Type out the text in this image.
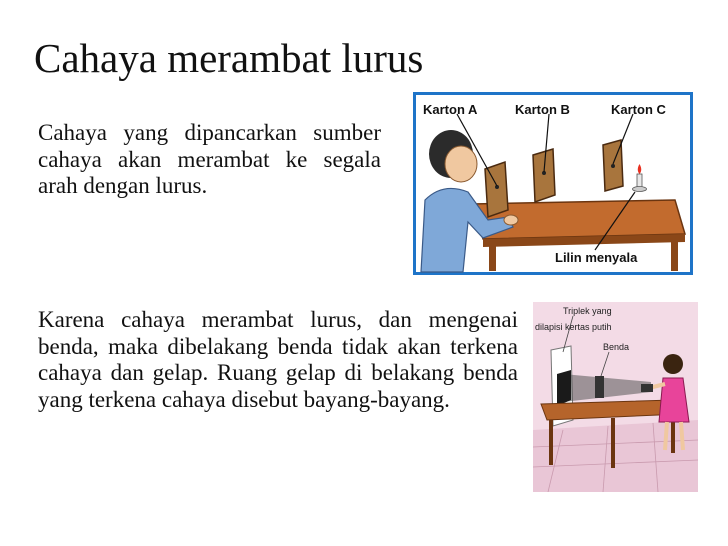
Cahaya merambat lurus

Cahaya yang dipancarkan sumber cahaya akan merambat ke segala arah dengan lurus.

Karena cahaya merambat lurus, dan mengenai benda, maka dibelakang benda tidak akan terkena cahaya dan gelap. Ruang gelap di belakang benda yang terkena cahaya disebut bayang-bayang.

Karton A	Karton B	Karton C
Lilin menyala
Triplek yang
dilapisi kertas putih
Benda
